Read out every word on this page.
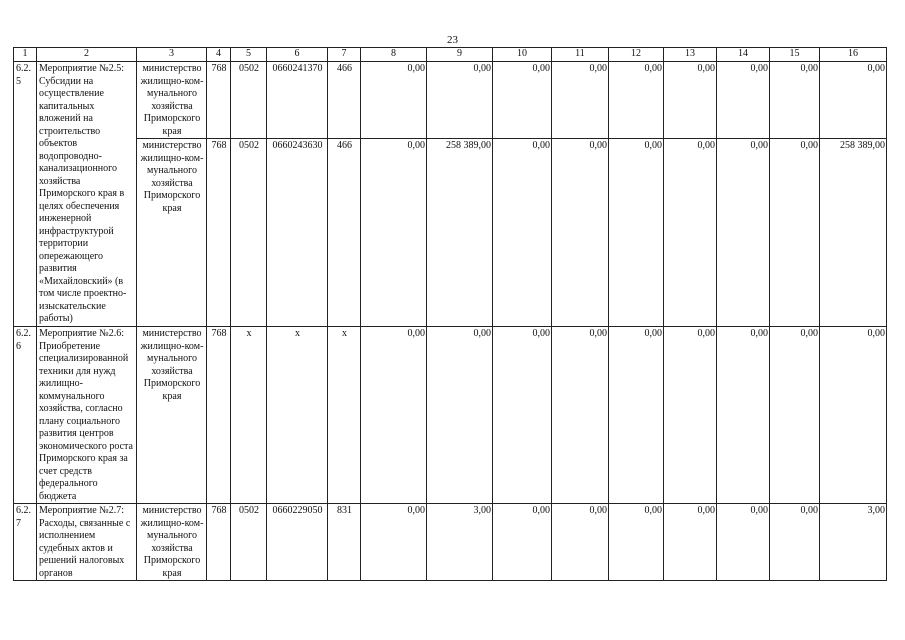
23
1	2	3	4	5	6	7	8	9	10	11	12	13	14	15	16
6.2.5	Мероприятие №2.5: Субсидии на осуществление капитальных вложений на строительство объектов водопроводно-канализационного хозяйства Приморского края в целях обеспечения инженерной инфраструктурой территории опережающего развития «Михайловский» (в том числе проектно-изыскательские работы)	министерство жилищно-ком-мунального хозяйства Приморского края	768	0502	0660241370	466	0,00	0,00	0,00	0,00	0,00	0,00	0,00	0,00	0,00
		министерство жилищно-ком-мунального хозяйства Приморского края	768	0502	0660243630	466	0,00	258 389,00	0,00	0,00	0,00	0,00	0,00	0,00	258 389,00
6.2.6	Мероприятие №2.6: Приобретение специализированной техники для нужд жилищно-коммунального хозяйства, согласно плану социального развития центров экономического роста Приморского края за счет средств федерального бюджета	министерство жилищно-ком-мунального хозяйства Приморского края	768	x	x	x	0,00	0,00	0,00	0,00	0,00	0,00	0,00	0,00	0,00
6.2.7	Мероприятие №2.7: Расходы, связанные с исполнением судебных актов и решений налоговых органов	министерство жилищно-ком-мунального хозяйства Приморского края	768	0502	0660229050	831	0,00	3,00	0,00	0,00	0,00	0,00	0,00	0,00	3,00
